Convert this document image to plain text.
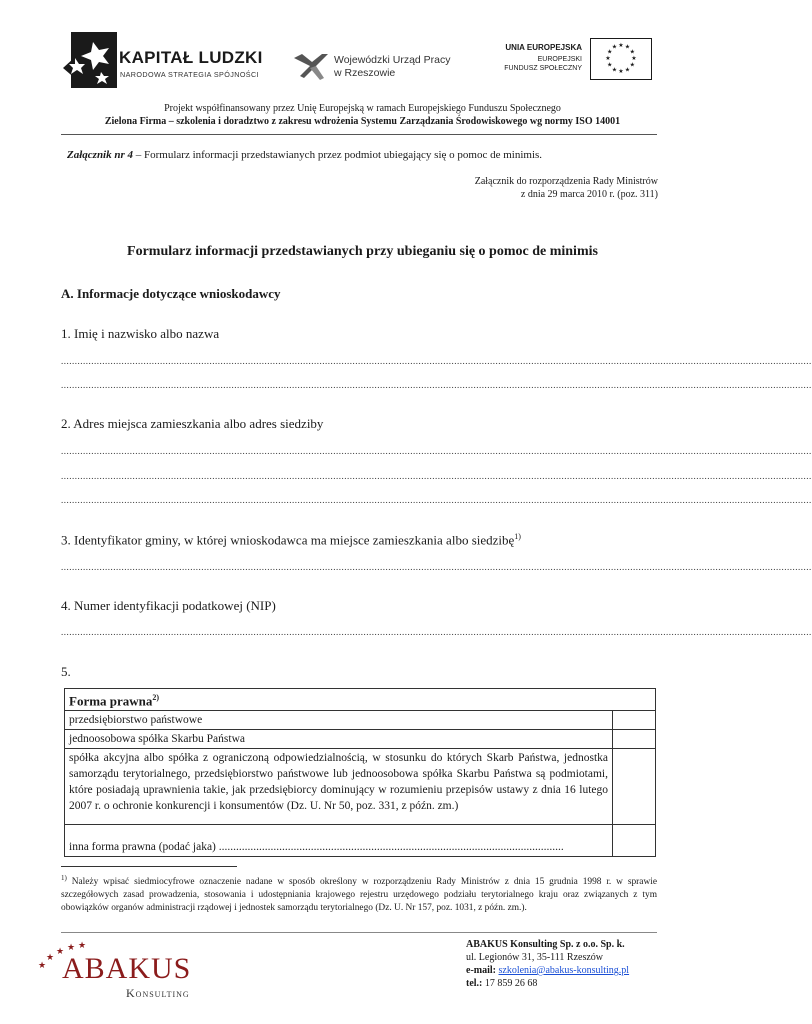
KAPITAŁ LUDZKI
NARODOWA STRATEGIA SPÓJNOŚCI
Wojewódzki Urząd Pracy
w Rzeszowie
UNIA EUROPEJSKA
EUROPEJSKI
FUNDUSZ SPOŁECZNY
★ ★
★
★
★
★
★
★
★
★
★
★
Projekt współfinansowany przez Unię Europejską w ramach Europejskiego Funduszu Społecznego
Zielona Firma – szkolenia i doradztwo z zakresu wdrożenia Systemu Zarządzania Środowiskowego wg normy ISO 14001
Załącznik nr 4 – Formularz informacji przedstawianych przez podmiot ubiegający się o pomoc de minimis.
Załącznik do rozporządzenia Rady Ministrów
z dnia 29 marca 2010 r. (poz. 311)
Formularz informacji przedstawianych przy ubieganiu się o pomoc de minimis
A. Informacje dotyczące wnioskodawcy
1. Imię i nazwisko albo nazwa
.................................................................................................................................................................................................................................................................................
.................................................................................................................................................................................................................................................................................
2. Adres miejsca zamieszkania albo adres siedziby
.................................................................................................................................................................................................................................................................................
.................................................................................................................................................................................................................................................................................
.................................................................................................................................................................................................................................................................................
3. Identyfikator gminy, w której wnioskodawca ma miejsce zamieszkania albo siedzibę$^{1)}$
.................................................................................................................................................................................................................................................................................
4. Numer identyfikacji podatkowej (NIP)
.................................................................................................................................................................................................................................................................................
5.
Forma prawna$^{2)}$
przedsiębiorstwo państwowe	
jednoosobowa spółka Skarbu Państwa	
spółka akcyjna albo spółka z ograniczoną odpowiedzialnością, w stosunku do których Skarb Państwa, jednostka samorządu terytorialnego, przedsiębiorstwo państwowe lub jednoosobowa spółka Skarbu Państwa są podmiotami, które posiadają uprawnienia takie, jak przedsiębiorcy dominujący w rozumieniu przepisów ustawy z dnia 16 lutego 2007 r. o ochronie konkurencji i konsumentów (Dz. U. Nr 50, poz. 331, z późn. zm.)	
inna forma prawna (podać jaka) ........................................................................................................................	
$^{1)}$ Należy wpisać siedmiocyfrowe oznaczenie nadane w sposób określony w rozporządzeniu Rady Ministrów z dnia 15 grudnia 1998 r. w sprawie szczegółowych zasad prowadzenia, stosowania i udostępniania krajowego rejestru urzędowego podziału terytorialnego kraju oraz związanych z tym obowiązków organów administracji rządowej i jednostek samorządu terytorialnego (Dz. U. Nr 157, poz. 1031, z późn. zm.).
★
★
★ ★ ★
ABAKUS
Konsulting
ABAKUS Konsulting Sp. z o.o. Sp. k.
ul. Legionów 31, 35-111 Rzeszów
e-mail: szkolenia@abakus-konsulting.pl
tel.: 17 859 26 68
